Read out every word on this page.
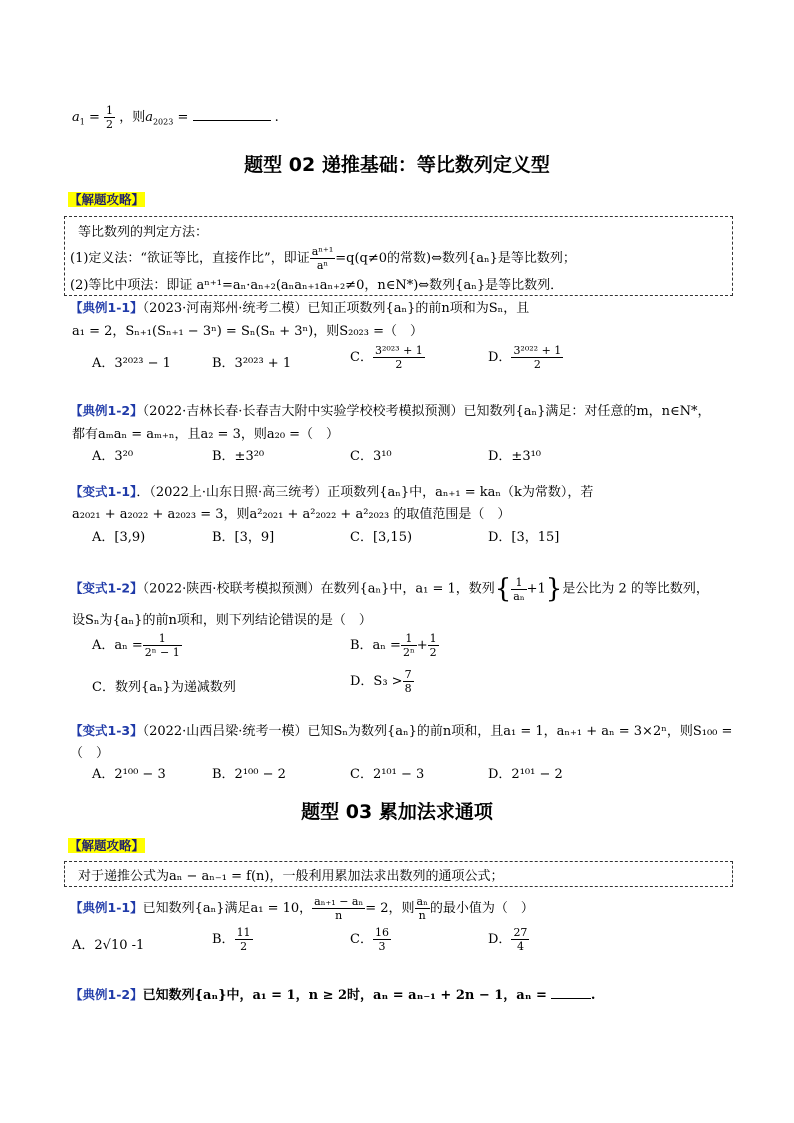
$a_1 = \frac{1}{2}$ ，则$a_{2023}$ =	.
题型 02 递推基础：等比数列定义型
【解题攻略】
等比数列的判定方法：
(1)定义法：“欲证等比，直接作比”，即证 $\frac{\text{aⁿ⁺¹}}{\text{aⁿ}} =q(q\ne 0$的常数)⇔数列{aₙ}是等比数列；
(2)等比中项法：即证 aⁿ⁺¹=aₙ·aₙ₊₂(aₙaₙ₊₁aₙ₊₂≠0，n∈N*)⇔数列{aₙ}是等比数列．
【典例1-1】（2023·河南郑州·统考二模）已知正项数列{aₙ}的前n项和为Sₙ，且
a₁ = 2，Sₙ₊₁(Sₙ₊₁ − 3ⁿ) = Sₙ(Sₙ + 3ⁿ)，则S₂₀₂₃ =（　）
A．3²⁰²³ − 1	B．3²⁰²³ + 1	C． $\frac{\text{3²⁰²³ + 1}}{2}$	D． $\frac{\text{3²⁰²² + 1}}{2}$
【典例1-2】（2022·吉林长春·长春吉大附中实验学校校考模拟预测）已知数列{aₙ}满足：对任意的m，n∈N*，
都有aₘaₙ = aₘ₊ₙ，且a₂ = 3，则a₂₀ =（　）
A．3²⁰	B．±3²⁰	C．3¹⁰	D．±3¹⁰
【变式1-1】．（2022上·山东日照·高三统考）正项数列{aₙ}中，aₙ₊₁ = kaₙ（k为常数），若
a₂₀₂₁ + a₂₀₂₂ + a₂₀₂₃ = 3，则a²₂₀₂₁ + a²₂₀₂₂ + a²₂₀₂₃ 的取值范围是（　）
A．[3,9)	B．[3，9]	C．[3,15)	D．[3，15]
【变式1-2】（2022·陕西·校联考模拟预测）在数列{aₙ}中，a₁ = 1，数列{ $\frac{1}{\text{aₙ}} +1$}是公比为 2 的等比数列，
设Sₙ为{aₙ}的前n项和，则下列结论错误的是（　）
A．$a_n = \frac{1}{\text{2ⁿ − 1}}$	B．$a_n = \frac{1}{\text{2ⁿ}} + \frac{1}{2}$
C．数列{aₙ}为递减数列	D．$S_3 > \frac{7}{8}$
【变式1-3】（2022·山西吕梁·统考一模）已知Sₙ为数列{aₙ}的前n项和，且a₁ = 1，aₙ₊₁ + aₙ = 3×2ⁿ，则S₁₀₀ =
（　）
A．2¹⁰⁰ − 3	B．2¹⁰⁰ − 2	C．2¹⁰¹ − 3	D．2¹⁰¹ − 2
题型 03 累加法求通项
【解题攻略】
对于递推公式为aₙ − aₙ₋₁ = f(n)，一般利用累加法求出数列的通项公式；
【典例1-1】已知数列{aₙ}满足a₁ = 10， $\frac{\text{aₙ₊₁ − aₙ}}{n} = 2$，则 $\frac{\text{aₙ}}{n}$ 的最小值为（　）
A．2√10 -1	B． $\frac{11}{2}$	C． $\frac{16}{3}$	D． $\frac{27}{4}$
【典例1-2】已知数列{aₙ}中，a₁ = 1，n ≥ 2时，aₙ = aₙ₋₁ + 2n − 1，aₙ =	.
